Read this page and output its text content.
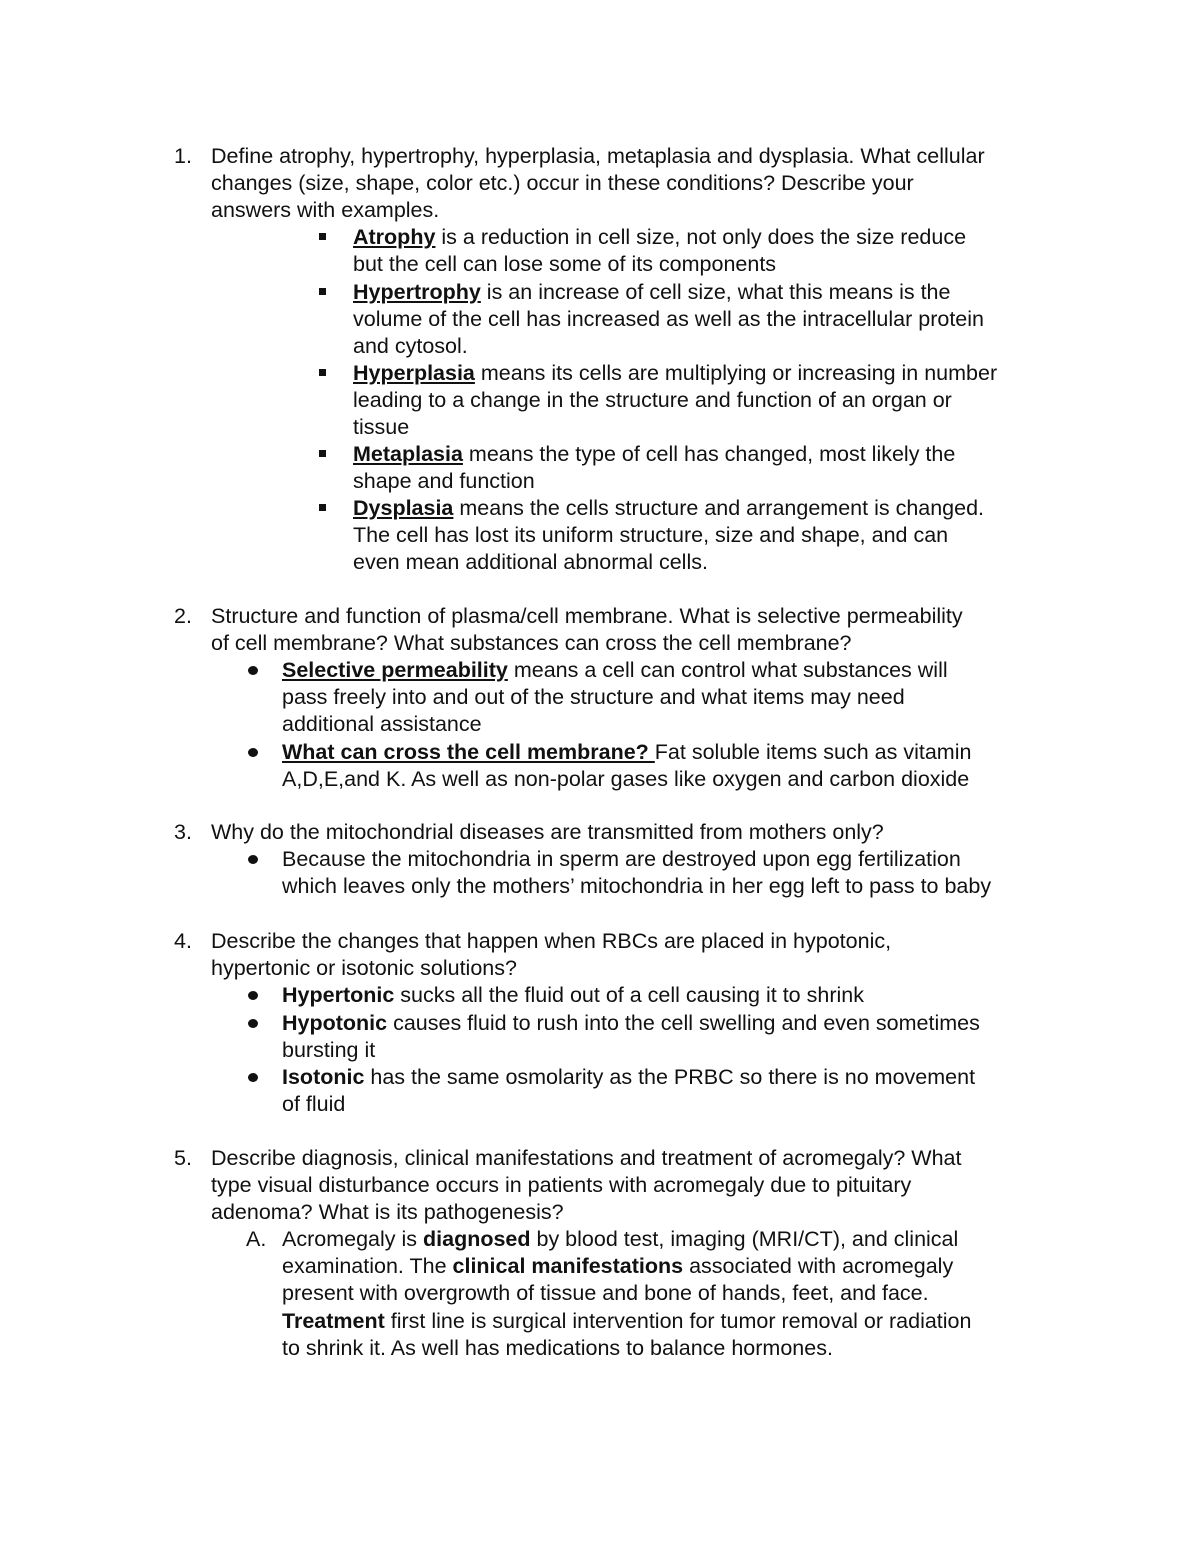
1. Define atrophy, hypertrophy, hyperplasia, metaplasia and dysplasia. What cellular
changes (size, shape, color etc.) occur in these conditions? Describe your
answers with examples.
Atrophy is a reduction in cell size, not only does the size reduce
but the cell can lose some of its components
Hypertrophy is an increase of cell size, what this means is the
volume of the cell has increased as well as the intracellular protein
and cytosol.
Hyperplasia means its cells are multiplying or increasing in number
leading to a change in the structure and function of an organ or
tissue
Metaplasia means the type of cell has changed, most likely the
shape and function
Dysplasia means the cells structure and arrangement is changed.
The cell has lost its uniform structure, size and shape, and can
even mean additional abnormal cells.
2. Structure and function of plasma/cell membrane. What is selective permeability
of cell membrane? What substances can cross the cell membrane?
Selective permeability means a cell can control what substances will
pass freely into and out of the structure and what items may need
additional assistance
What can cross the cell membrane? Fat soluble items such as vitamin
A,D,E,and K. As well as non-polar gases like oxygen and carbon dioxide
3. Why do the mitochondrial diseases are transmitted from mothers only?
Because the mitochondria in sperm are destroyed upon egg fertilization
which leaves only the mothers’ mitochondria in her egg left to pass to baby
4. Describe the changes that happen when RBCs are placed in hypotonic,
hypertonic or isotonic solutions?
Hypertonic sucks all the fluid out of a cell causing it to shrink
Hypotonic causes fluid to rush into the cell swelling and even sometimes
bursting it
Isotonic has the same osmolarity as the PRBC so there is no movement
of fluid
5. Describe diagnosis, clinical manifestations and treatment of acromegaly? What
type visual disturbance occurs in patients with acromegaly due to pituitary
adenoma? What is its pathogenesis?
A. Acromegaly is diagnosed by blood test, imaging (MRI/CT), and clinical
examination. The clinical manifestations associated with acromegaly
present with overgrowth of tissue and bone of hands, feet, and face.
Treatment first line is surgical intervention for tumor removal or radiation
to shrink it. As well has medications to balance hormones.
